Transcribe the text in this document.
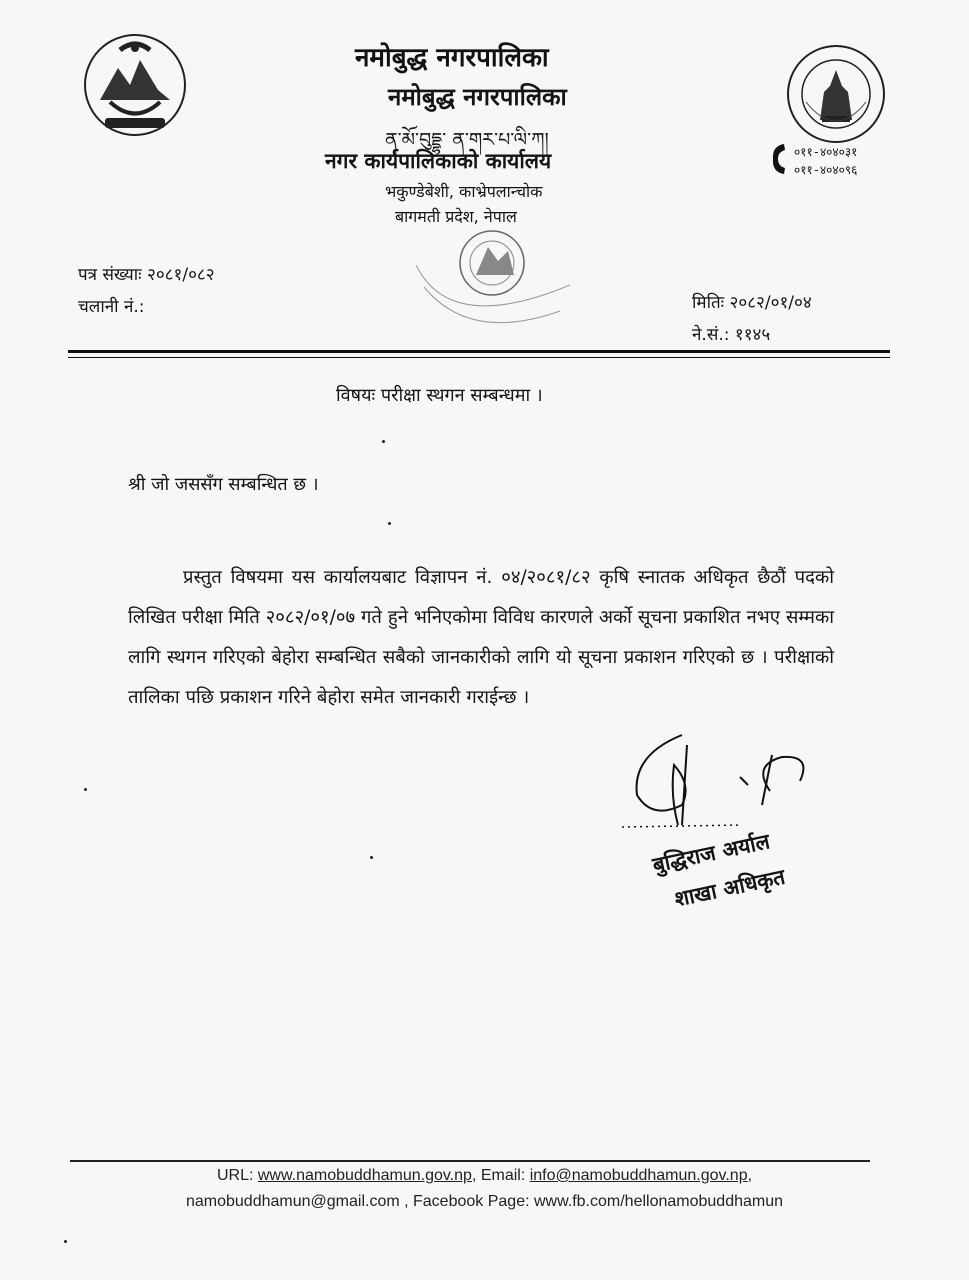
०११-४०४०३१
०११-४०४०९६
नमोबुद्ध नगरपालिका
नमोबुद्ध नगरपालिका
ན་མོ་བུདྡྷ་ ན་གར་པ་ལི་ཀ།
नगर कार्यपालिकाको कार्यालय
भकुण्डेबेशी, काभ्रेपलान्चोक
बागमती प्रदेश, नेपाल
पत्र संख्याः २०८१/०८२
चलानी नं.:	मितिः २०८२/०१/०४
ने.सं.: ११४५
विषयः परीक्षा स्थगन सम्बन्धमा ।
श्री जो जससँग सम्बन्धित छ ।
प्रस्तुत विषयमा यस कार्यालयबाट विज्ञापन नं. ०४/२०८१/८२ कृषि स्नातक अधिकृत छैठौं पदको लिखित परीक्षा मिति २०८२/०१/०७ गते हुने भनिएकोमा विविध कारणले अर्को सूचना प्रकाशित नभए सम्मका लागि स्थगन गरिएको बेहोरा सम्बन्धित सबैको जानकारीको लागि यो सूचना प्रकाशन गरिएको छ । परीक्षाको तालिका पछि प्रकाशन गरिने बेहोरा समेत जानकारी गराईन्छ ।
बुद्धिराज अर्याल
शाखा अधिकृत
URL: www.namobuddhamun.gov.np, Email: info@namobuddhamun.gov.np,
namobuddhamun@gmail.com , Facebook Page: www.fb.com/hellonamobuddhamun
